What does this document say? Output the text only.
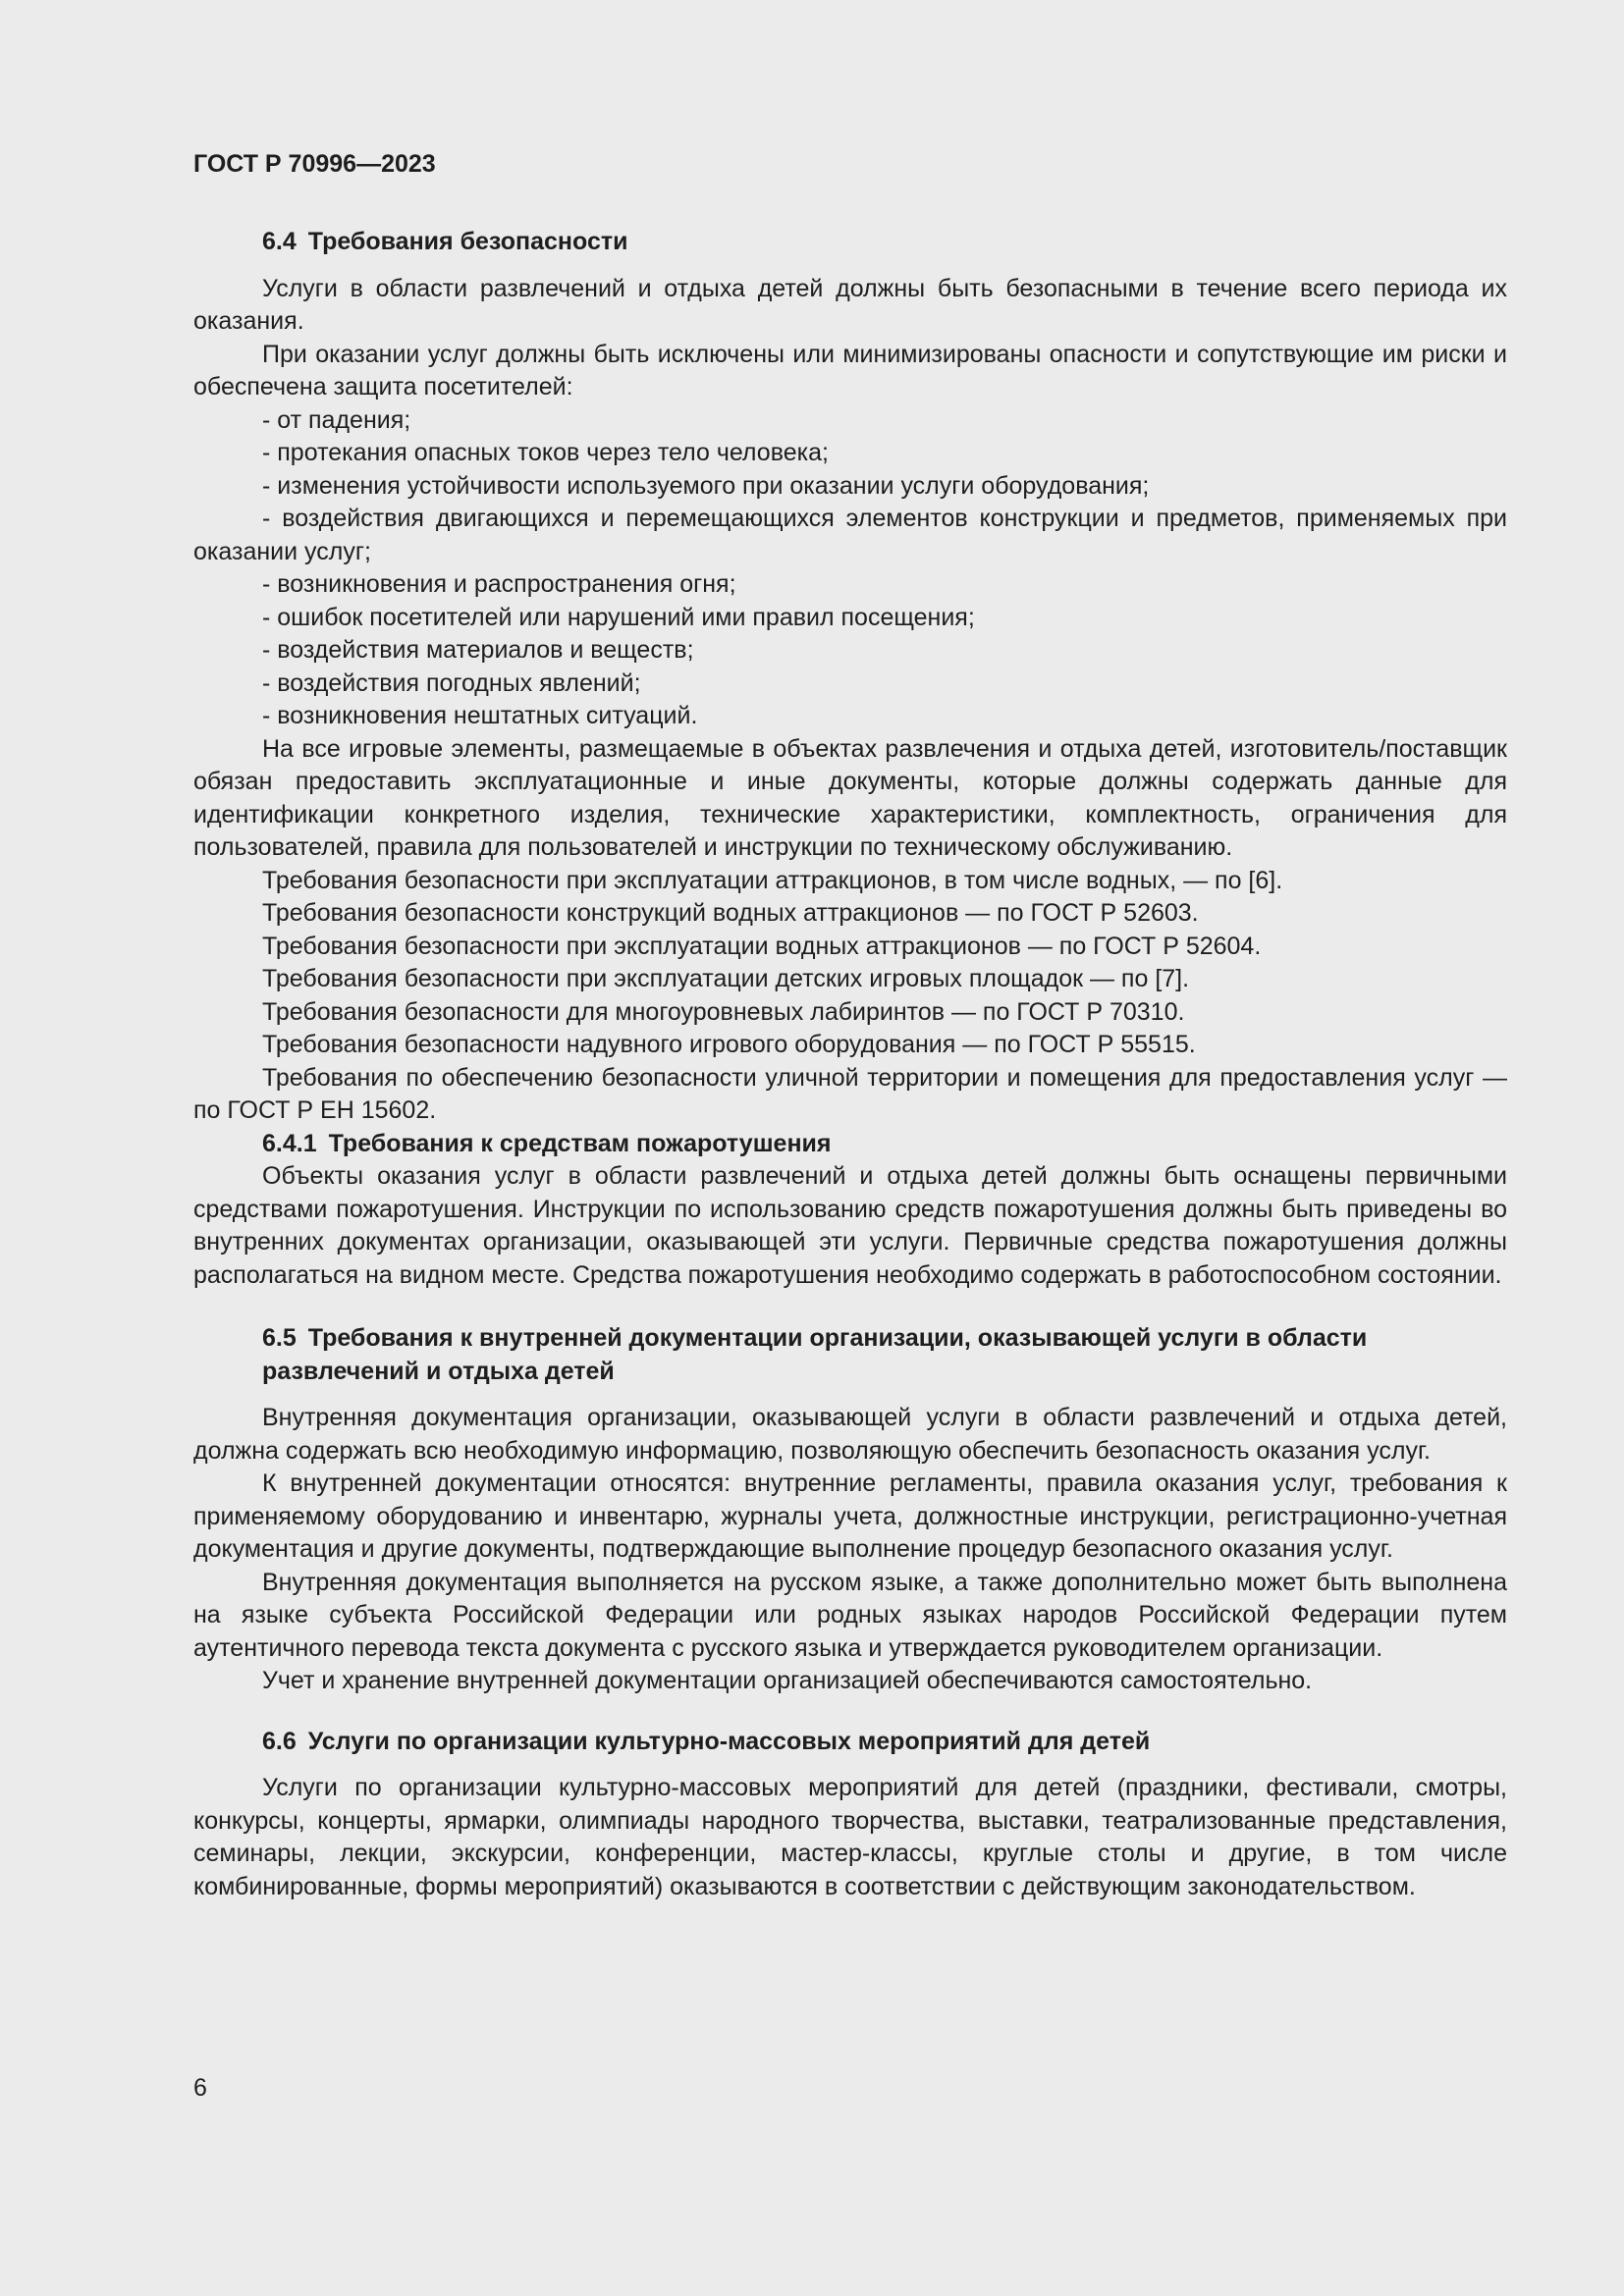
ГОСТ Р 70996—2023
6.4 Требования безопасности

Услуги в области развлечений и отдыха детей должны быть безопасными в течение всего периода их оказания.

При оказании услуг должны быть исключены или минимизированы опасности и сопутствующие им риски и обеспечена защита посетителей:

- от падения;

- протекания опасных токов через тело человека;

- изменения устойчивости используемого при оказании услуги оборудования;

- воздействия двигающихся и перемещающихся элементов конструкции и предметов, применяемых при оказании услуг;

- возникновения и распространения огня;

- ошибок посетителей или нарушений ими правил посещения;

- воздействия материалов и веществ;

- воздействия погодных явлений;

- возникновения нештатных ситуаций.

На все игровые элементы, размещаемые в объектах развлечения и отдыха детей, изготовитель/поставщик обязан предоставить эксплуатационные и иные документы, которые должны содержать данные для идентификации конкретного изделия, технические характеристики, комплектность, ограничения для пользователей, правила для пользователей и инструкции по техническому обслуживанию.

Требования безопасности при эксплуатации аттракционов, в том числе водных, — по [6].

Требования безопасности конструкций водных аттракционов — по ГОСТ Р 52603.

Требования безопасности при эксплуатации водных аттракционов — по ГОСТ Р 52604.

Требования безопасности при эксплуатации детских игровых площадок — по [7].

Требования безопасности для многоуровневых лабиринтов — по ГОСТ Р 70310.

Требования безопасности надувного игрового оборудования — по ГОСТ Р 55515.

Требования по обеспечению безопасности уличной территории и помещения для предоставления услуг — по ГОСТ Р ЕН 15602.

6.4.1 Требования к средствам пожаротушения

Объекты оказания услуг в области развлечений и отдыха детей должны быть оснащены первичными средствами пожаротушения. Инструкции по использованию средств пожаротушения должны быть приведены во внутренних документах организации, оказывающей эти услуги. Первичные средства пожаротушения должны располагаться на видном месте. Средства пожаротушения необходимо содержать в работоспособном состоянии.

6.5 Требования к внутренней документации организации, оказывающей услуги в области развлечений и отдыха детей

Внутренняя документация организации, оказывающей услуги в области развлечений и отдыха детей, должна содержать всю необходимую информацию, позволяющую обеспечить безопасность оказания услуг.

К внутренней документации относятся: внутренние регламенты, правила оказания услуг, требования к применяемому оборудованию и инвентарю, журналы учета, должностные инструкции, регистрационно-учетная документация и другие документы, подтверждающие выполнение процедур безопасного оказания услуг.

Внутренняя документация выполняется на русском языке, а также дополнительно может быть выполнена на языке субъекта Российской Федерации или родных языках народов Российской Федерации путем аутентичного перевода текста документа с русского языка и утверждается руководителем организации.

Учет и хранение внутренней документации организацией обеспечиваются самостоятельно.

6.6 Услуги по организации культурно-массовых мероприятий для детей

Услуги по организации культурно-массовых мероприятий для детей (праздники, фестивали, смотры, конкурсы, концерты, ярмарки, олимпиады народного творчества, выставки, театрализованные представления, семинары, лекции, экскурсии, конференции, мастер-классы, круглые столы и другие, в том числе комбинированные, формы мероприятий) оказываются в соответствии с действующим законодательством.

6
